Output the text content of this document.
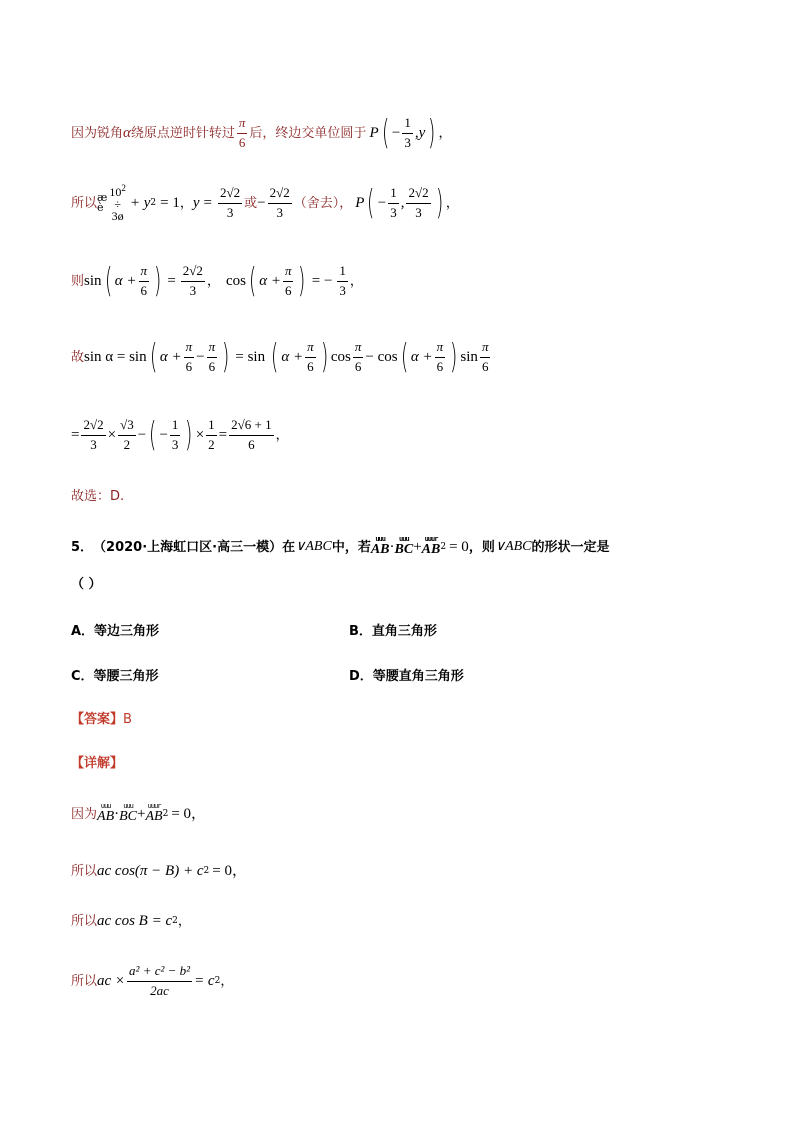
因为锐角 α 绕原点逆时针转过 $\frac{\pi}{6}$ 后，终边交单位圆于 P ( − $\frac{1}{3} ,y$ ) ，
所以 æ
è
$10^2$
÷
3ø
+ y 2 = 1 ， $y = \frac{2√2}{3}$ 或 − $\frac{2√2}{3}$ （舍去）， P ( − $\frac{1}{3}$ , $\frac{2√2}{3}$ ) ，
则 sin ( $\alpha + \frac{\pi}{6}$ ) = $\frac{2√2}{3}$ ， cos ( $\alpha + \frac{\pi}{6}$ ) = − $\frac{1}{3}$ ，
故 sin α = sin ( $\alpha + \frac{\pi}{6} - \frac{\pi}{6}$ ) = sin ( $\alpha + \frac{\pi}{6}$ ) $\cos \frac{\pi}{6} - \cos$ ( $\alpha + \frac{\pi}{6}$ ) $\sin \frac{\pi}{6}$
= $\frac{2√2}{3} \times \frac{√3}{2}$ − ( − $\frac{1}{3}$ ) × $\frac{1}{2} = \frac{2√6 + 1}{6}$ ，
故选：D.
5． （2020·上海虹口区·高三一模）在 ∨ABC 中，若
uuu
AB · uuu
BC + uuur
AB 2 = 0 ，则 ∨ABC 的形状一定是
（ ）
A．等边三角形	B．直角三角形
C．等腰三角形	D．等腰直角三角形
【答案】 B
【详解】
因为
uuu
AB · uuu
BC + uuur
AB 2 = 0，
所以 ac cos(π − B) + c 2 = 0，
所以 ac cos B = c 2 ，
所以 ac × $\frac{\text{a² + c² − b²}}{2ac} = c$ 2 ，
